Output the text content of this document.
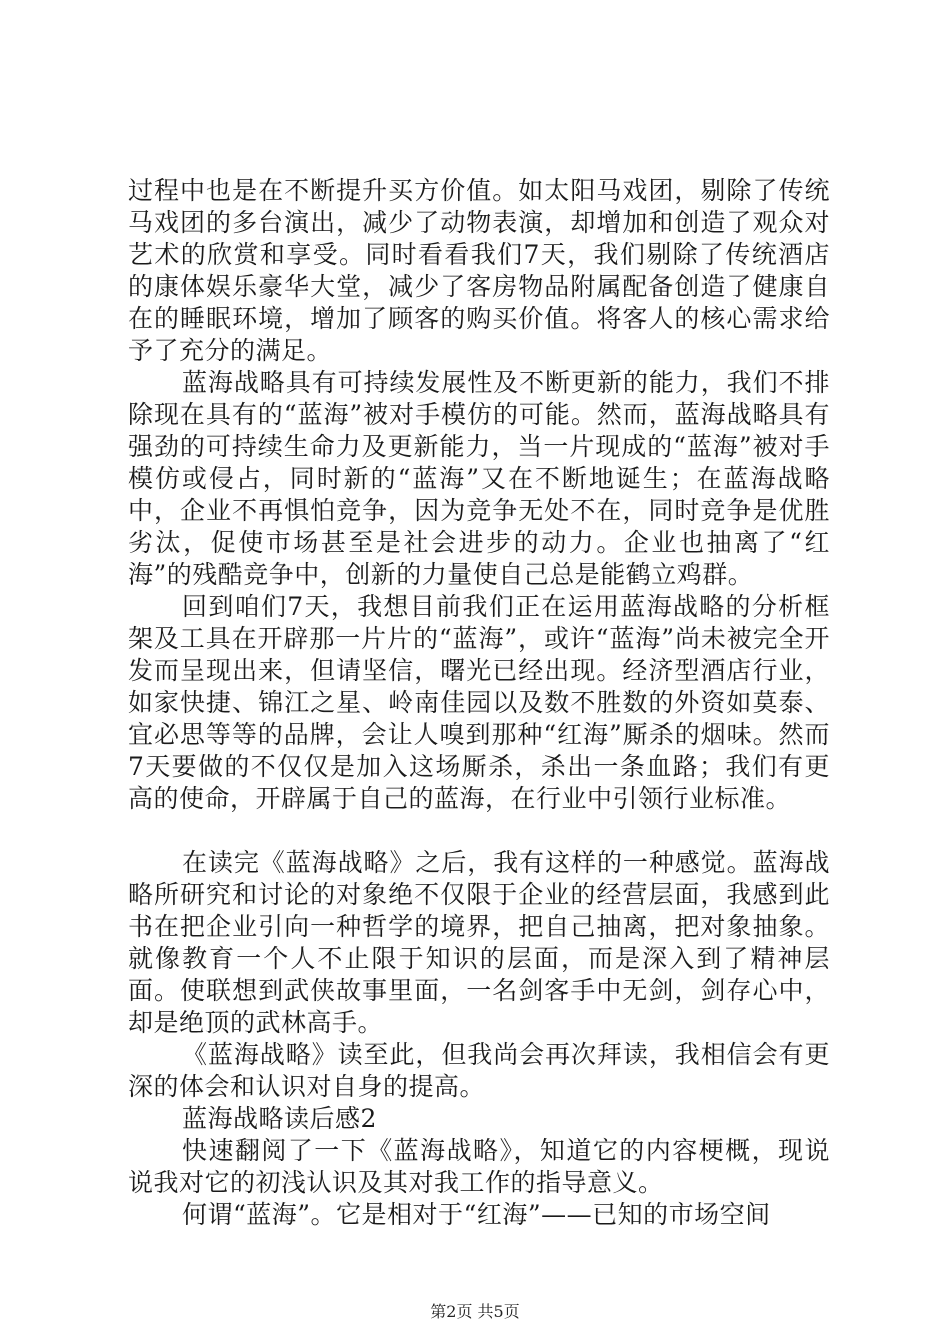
过程中也是在不断提升买方价值。如太阳马戏团，剔除了传统马戏团的多台演出，减少了动物表演，却增加和创造了观众对艺术的欣赏和享受。同时看看我们7天，我们剔除了传统酒店的康体娱乐豪华大堂，减少了客房物品附属配备创造了健康自在的睡眠环境，增加了顾客的购买价值。将客人的核心需求给予了充分的满足。

蓝海战略具有可持续发展性及不断更新的能力，我们不排除现在具有的“蓝海”被对手模仿的可能。然而，蓝海战略具有强劲的可持续生命力及更新能力，当一片现成的“蓝海”被对手模仿或侵占，同时新的“蓝海”又在不断地诞生；在蓝海战略中，企业不再惧怕竞争，因为竞争无处不在，同时竞争是优胜劣汰，促使市场甚至是社会进步的动力。企业也抽离了“红海”的残酷竞争中，创新的力量使自己总是能鹤立鸡群。

回到咱们7天，我想目前我们正在运用蓝海战略的分析框架及工具在开辟那一片片的“蓝海”，或许“蓝海”尚未被完全开发而呈现出来，但请坚信，曙光已经出现。经济型酒店行业，如家快捷、锦江之星、岭南佳园以及数不胜数的外资如莫泰、宜必思等等的品牌，会让人嗅到那种“红海”厮杀的烟味。然而7天要做的不仅仅是加入这场厮杀，杀出一条血路；我们有更高的使命，开辟属于自己的蓝海，在行业中引领行业标准。

在读完《蓝海战略》之后，我有这样的一种感觉。蓝海战略所研究和讨论的对象绝不仅限于企业的经营层面，我感到此书在把企业引向一种哲学的境界，把自己抽离，把对象抽象。就像教育一个人不止限于知识的层面，而是深入到了精神层面。使联想到武侠故事里面，一名剑客手中无剑，剑存心中，却是绝顶的武林高手。

《蓝海战略》读至此，但我尚会再次拜读，我相信会有更深的体会和认识对自身的提高。

蓝海战略读后感2

快速翻阅了一下《蓝海战略》，知道它的内容梗概，现说说我对它的初浅认识及其对我工作的指导意义。

何谓“蓝海”。它是相对于“红海”——已知的市场空间

第2页 共5页
